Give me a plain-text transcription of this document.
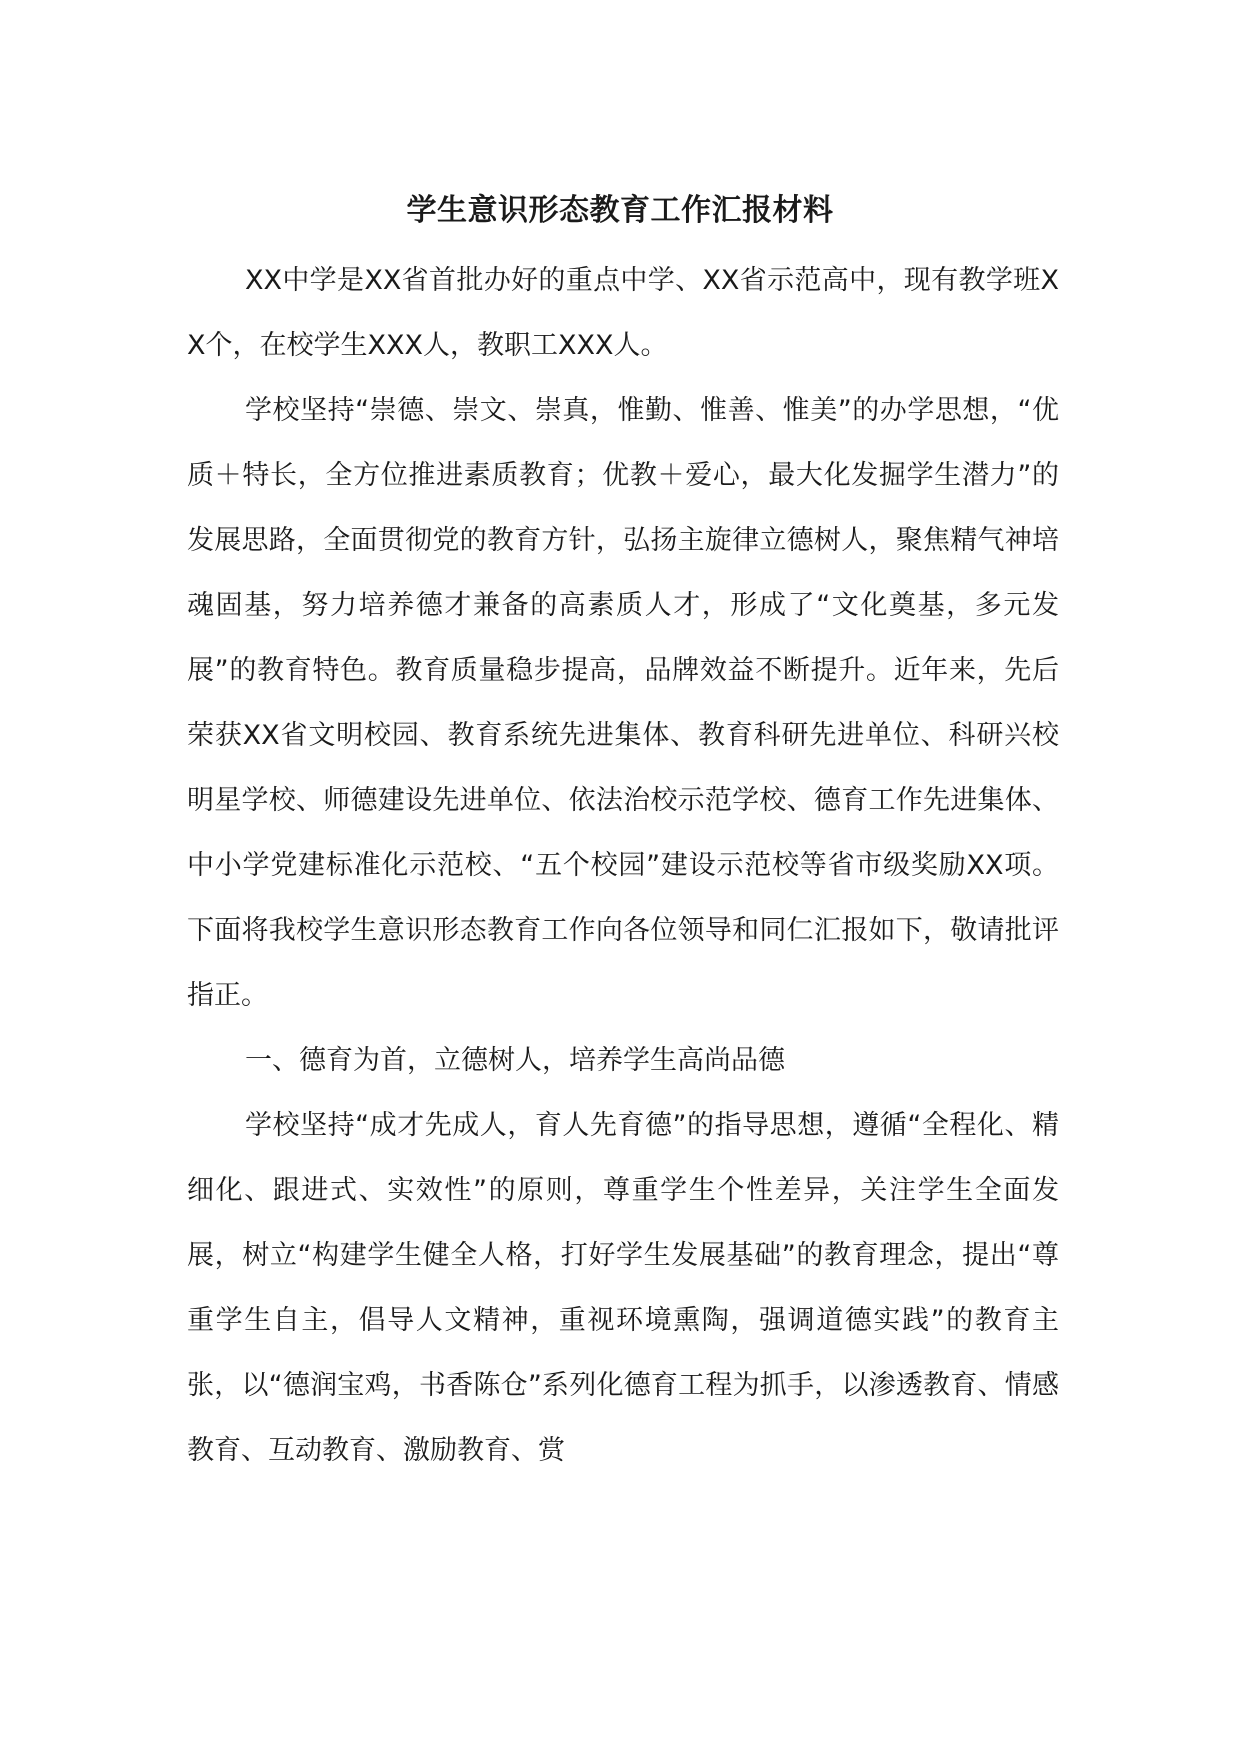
学生意识形态教育工作汇报材料

XX中学是XX省首批办好的重点中学、XX省示范高中，现有教学班XX个，在校学生XXX人，教职工XXX人。

学校坚持“崇德、崇文、崇真，惟勤、惟善、惟美”的办学思想，“优质＋特长，全方位推进素质教育；优教＋爱心，最大化发掘学生潜力”的发展思路，全面贯彻党的教育方针，弘扬主旋律立德树人，聚焦精气神培魂固基，努力培养德才兼备的高素质人才，形成了“文化奠基，多元发展”的教育特色。教育质量稳步提高，品牌效益不断提升。近年来，先后荣获XX省文明校园、教育系统先进集体、教育科研先进单位、科研兴校明星学校、师德建设先进单位、依法治校示范学校、德育工作先进集体、中小学党建标准化示范校、“五个校园”建设示范校等省市级奖励XX项。下面将我校学生意识形态教育工作向各位领导和同仁汇报如下，敬请批评指正。

一、德育为首，立德树人，培养学生高尚品德

学校坚持“成才先成人，育人先育德”的指导思想，遵循“全程化、精细化、跟进式、实效性”的原则，尊重学生个性差异，关注学生全面发展，树立“构建学生健全人格，打好学生发展基础”的教育理念，提出“尊重学生自主，倡导人文精神，重视环境熏陶，强调道德实践”的教育主张，以“德润宝鸡，书香陈仓”系列化德育工程为抓手，以渗透教育、情感教育、互动教育、激励教育、赏
